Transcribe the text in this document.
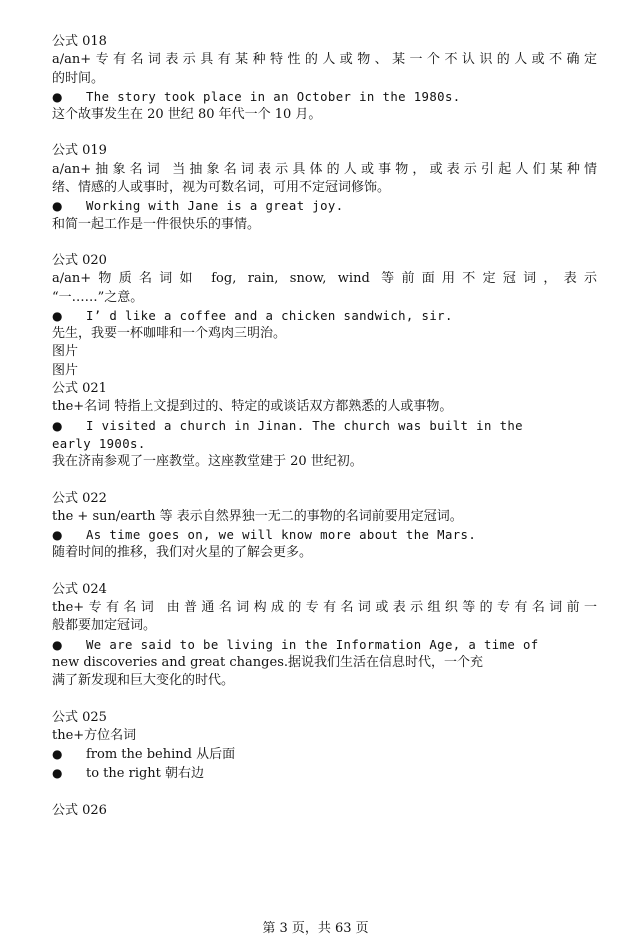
公式 018
a/an+专有名词表示具有某种特性的人或物、某一个不认识的人或不确定
的时间。
●	The story took place in an October in the 1980s.
这个故事发生在 20 世纪 80 年代一个 10 月。
公式 019
a/an+抽象名词 当抽象名词表示具体的人或事物，或表示引起人们某种情
绪、情感的人或事时，视为可数名词，可用不定冠词修饰。
●	Working with Jane is a great joy.
和简一起工作是一件很快乐的事情。
公式 020
a/an+物质名词如 fog, rain, snow, wind 等前面用不定冠词，表示
“一……”之意。
●	I’ d like a coffee and a chicken sandwich, sir.
先生，我要一杯咖啡和一个鸡肉三明治。
图片
图片
公式 021
the+名词 特指上文提到过的、特定的或谈话双方都熟悉的人或事物。
●	I visited a church in Jinan. The church was built in the
early 1900s.
我在济南参观了一座教堂。这座教堂建于 20 世纪初。
公式 022
the + sun/earth 等 表示自然界独一无二的事物的名词前要用定冠词。
●	As time goes on, we will know more about the Mars.
随着时间的推移，我们对火星的了解会更多。
公式 024
the+专有名词 由普通名词构成的专有名词或表示组织等的专有名词前一
般都要加定冠词。
●	We are said to be living in the Information Age, a time of
new discoveries and great changes.据说我们生活在信息时代，一个充
满了新发现和巨大变化的时代。
公式 025
the+方位名词
●	from the behind 从后面
●	to the right 朝右边
公式 026
第 3 页，共 63 页
